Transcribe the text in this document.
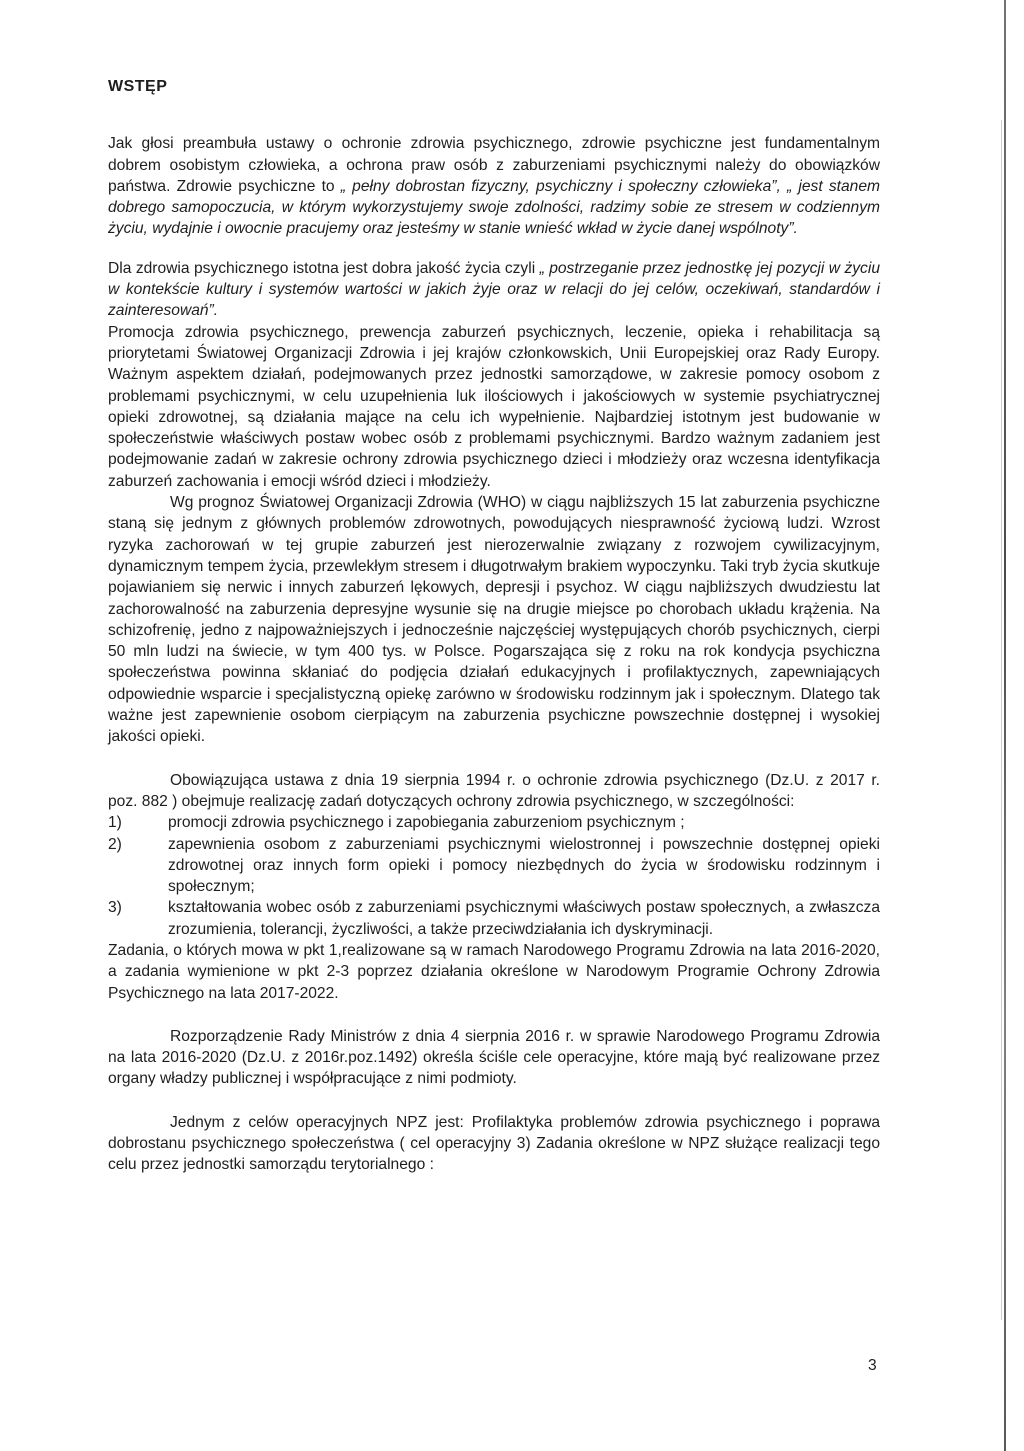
WSTĘP

Jak głosi preambuła ustawy o ochronie zdrowia psychicznego, zdrowie psychiczne jest fundamentalnym dobrem osobistym człowieka, a ochrona praw osób z zaburzeniami psychicznymi należy do obowiązków państwa. Zdrowie psychiczne to „ pełny dobrostan fizyczny, psychiczny i społeczny człowieka”, „ jest stanem dobrego samopoczucia, w którym wykorzystujemy swoje zdolności, radzimy sobie ze stresem w codziennym życiu, wydajnie i owocnie pracujemy oraz jesteśmy w stanie wnieść wkład w życie danej wspólnoty”.

Dla zdrowia psychicznego istotna jest dobra jakość życia czyli „ postrzeganie przez jednostkę jej pozycji w życiu w kontekście kultury i systemów wartości w jakich żyje oraz w relacji do jej celów, oczekiwań, standardów i zainteresowań”.

Promocja zdrowia psychicznego, prewencja zaburzeń psychicznych, leczenie, opieka i rehabilitacja są priorytetami Światowej Organizacji Zdrowia i jej krajów członkowskich, Unii Europejskiej oraz Rady Europy. Ważnym aspektem działań, podejmowanych przez jednostki samorządowe, w zakresie pomocy osobom z problemami psychicznymi, w celu uzupełnienia luk ilościowych i jakościowych w systemie psychiatrycznej opieki zdrowotnej, są działania mające na celu ich wypełnienie. Najbardziej istotnym jest budowanie w społeczeństwie właściwych postaw wobec osób z problemami psychicznymi. Bardzo ważnym zadaniem jest podejmowanie zadań w zakresie ochrony zdrowia psychicznego dzieci i młodzieży oraz wczesna identyfikacja zaburzeń zachowania i emocji wśród dzieci i młodzieży.

Wg prognoz Światowej Organizacji Zdrowia (WHO) w ciągu najbliższych 15 lat zaburzenia psychiczne staną się jednym z głównych problemów zdrowotnych, powodujących niesprawność życiową ludzi. Wzrost ryzyka zachorowań w tej grupie zaburzeń jest nierozerwalnie związany z rozwojem cywilizacyjnym, dynamicznym tempem życia, przewlekłym stresem i długotrwałym brakiem wypoczynku. Taki tryb życia skutkuje pojawianiem się nerwic i innych zaburzeń lękowych, depresji i psychoz. W ciągu najbliższych dwudziestu lat zachorowalność na zaburzenia depresyjne wysunie się na drugie miejsce po chorobach układu krążenia. Na schizofrenię, jedno z najpoważniejszych i jednocześnie najczęściej występujących chorób psychicznych, cierpi 50 mln ludzi na świecie, w tym 400 tys. w Polsce. Pogarszająca się z roku na rok kondycja psychiczna społeczeństwa powinna skłaniać do podjęcia działań edukacyjnych i profilaktycznych, zapewniających odpowiednie wsparcie i specjalistyczną opiekę zarówno w środowisku rodzinnym jak i społecznym. Dlatego tak ważne jest zapewnienie osobom cierpiącym na zaburzenia psychiczne powszechnie dostępnej i wysokiej jakości opieki.

Obowiązująca ustawa z dnia 19 sierpnia 1994 r. o ochronie zdrowia psychicznego (Dz.U. z 2017 r. poz. 882 ) obejmuje realizację zadań dotyczących ochrony zdrowia psychicznego, w szczególności:

1)	promocji zdrowia psychicznego i zapobiegania zaburzeniom psychicznym ;
2)	zapewnienia osobom z zaburzeniami psychicznymi wielostronnej i powszechnie dostępnej opieki zdrowotnej oraz innych form opieki i pomocy niezbędnych do życia w środowisku rodzinnym i społecznym;
3)	kształtowania wobec osób z zaburzeniami psychicznymi właściwych postaw społecznych, a zwłaszcza zrozumienia, tolerancji, życzliwości, a także przeciwdziałania ich dyskryminacji.

Zadania, o których mowa w pkt 1,realizowane są w ramach Narodowego Programu Zdrowia na lata 2016-2020, a zadania wymienione w pkt 2-3 poprzez działania określone w Narodowym Programie Ochrony Zdrowia Psychicznego na lata 2017-2022.

Rozporządzenie Rady Ministrów z dnia 4 sierpnia 2016 r. w sprawie Narodowego Programu Zdrowia na lata 2016-2020 (Dz.U. z 2016r.poz.1492) określa ściśle cele operacyjne, które mają być realizowane przez organy władzy publicznej i współpracujące z nimi podmioty.

Jednym z celów operacyjnych NPZ jest: Profilaktyka problemów zdrowia psychicznego i poprawa dobrostanu psychicznego społeczeństwa ( cel operacyjny 3) Zadania określone w NPZ służące realizacji tego celu przez jednostki samorządu terytorialnego :

3
